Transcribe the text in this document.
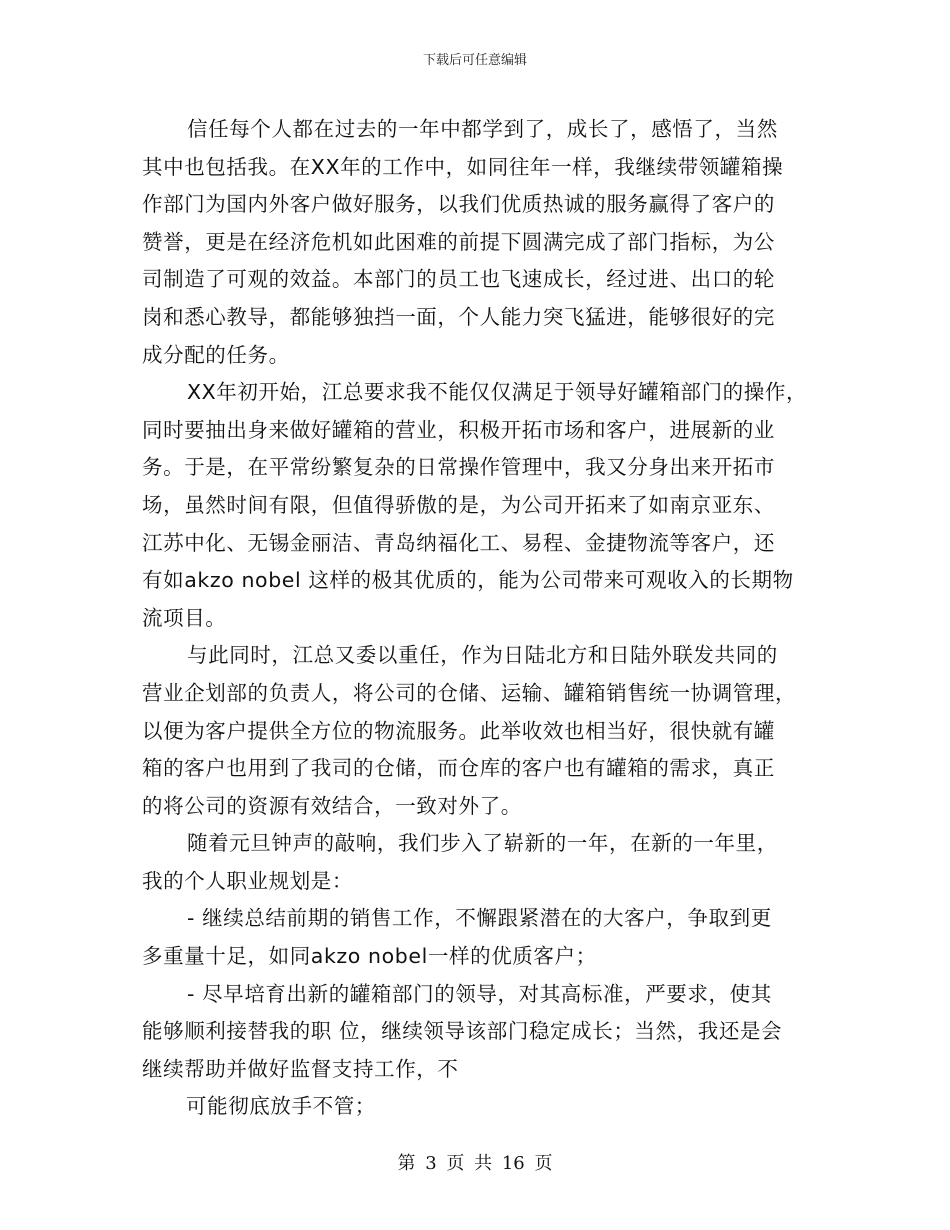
下载后可任意编辑
信任每个人都在过去的一年中都学到了，成长了，感悟了，当然
其中也包括我。在XX年的工作中，如同往年一样，我继续带领罐箱操
作部门为国内外客户做好服务，以我们优质热诚的服务赢得了客户的
赞誉，更是在经济危机如此困难的前提下圆满完成了部门指标，为公
司制造了可观的效益。本部门的员工也飞速成长，经过进、出口的轮
岗和悉心教导，都能够独挡一面，个人能力突飞猛进，能够很好的完
成分配的任务。
XX年初开始，江总要求我不能仅仅满足于领导好罐箱部门的操作，
同时要抽出身来做好罐箱的营业，积极开拓市场和客户，进展新的业
务。于是，在平常纷繁复杂的日常操作管理中，我又分身出来开拓市
场，虽然时间有限，但值得骄傲的是，为公司开拓来了如南京亚东、
江苏中化、无锡金丽洁、青岛纳福化工、易程、金捷物流等客户，还
有如akzo nobel 这样的极其优质的，能为公司带来可观收入的长期物
流项目。
与此同时，江总又委以重任，作为日陆北方和日陆外联发共同的
营业企划部的负责人，将公司的仓储、运输、罐箱销售统一协调管理，
以便为客户提供全方位的物流服务。此举收效也相当好，很快就有罐
箱的客户也用到了我司的仓储，而仓库的客户也有罐箱的需求，真正
的将公司的资源有效结合，一致对外了。
随着元旦钟声的敲响，我们步入了崭新的一年，在新的一年里，
我的个人职业规划是：
- 继续总结前期的销售工作，不懈跟紧潜在的大客户，争取到更
多重量十足，如同akzo nobel一样的优质客户；
- 尽早培育出新的罐箱部门的领导，对其高标准，严要求，使其
能够顺利接替我的职 位，继续领导该部门稳定成长；当然，我还是会
继续帮助并做好监督支持工作，不
可能彻底放手不管；
第 3 页 共 16 页
